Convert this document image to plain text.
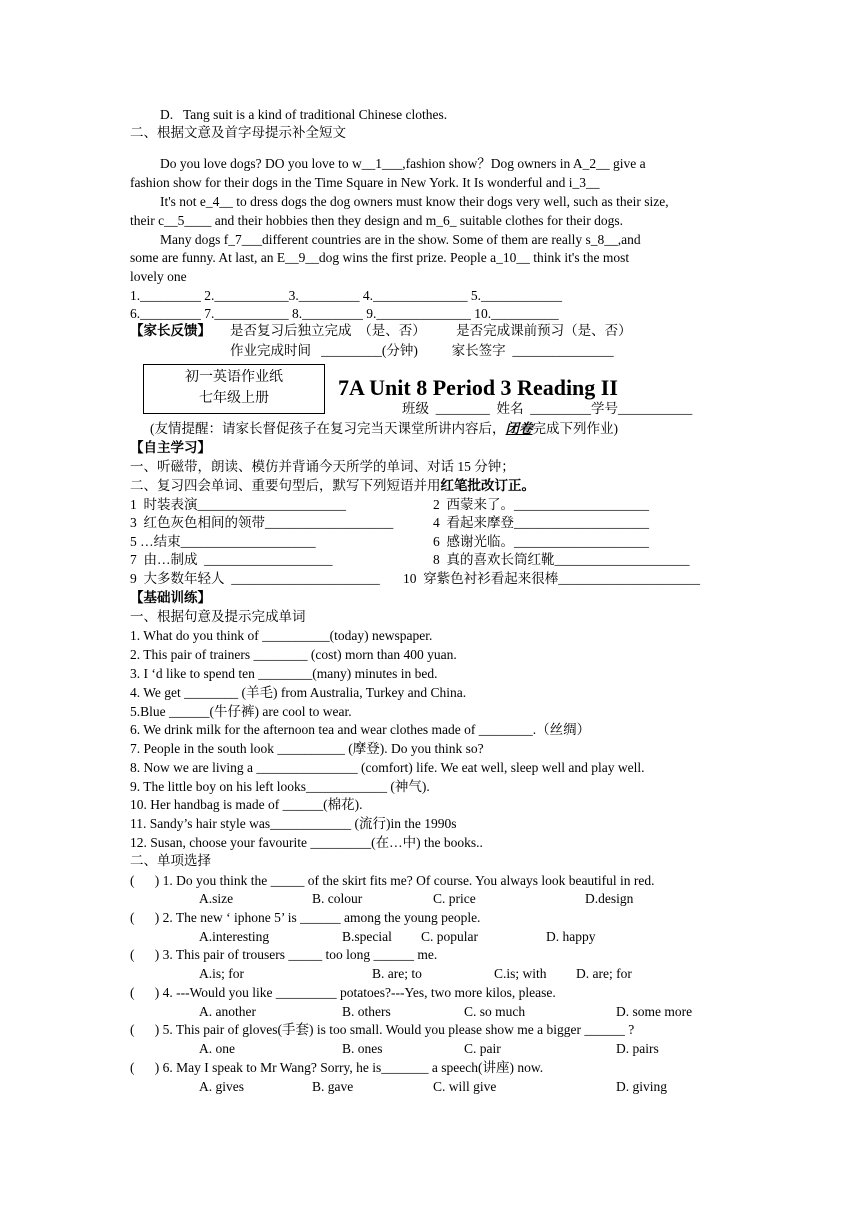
D.   Tang suit is a kind of traditional Chinese clothes.
二、根据文意及首字母提示补全短文
Do you love dogs? DO you love to w__1___,fashion show？Dog owners in A_2__ give a
fashion show for their dogs in the Time Square in New York. It Is wonderful and i_3__
It's not e_4__ to dress dogs the dog owners must know their dogs very well, such as their size,
their c__5____ and their hobbies then they design and m_6_ suitable clothes for their dogs.
Many dogs f_7___different countries are in the show. Some of them are really s_8__,and
some are funny. At last, an E__9__dog wins the first prize. People a_10__ think it's the most
lovely one
1._________ 2.___________3._________ 4.______________ 5.____________
6._________ 7.___________ 8._________ 9.______________ 10.__________
【家长反馈】 是否复习后独立完成  （是、否）         是否完成课前预习（是、否）
作业完成时间   _________(分钟)          家长签字  _______________
初一英语作业纸
七年级上册	7A Unit 8 Period 3 Reading II
班级  ________  姓名  _________学号___________
(友情提醒：请家长督促孩子在复习完当天课堂所讲内容后，闭卷完成下列作业)
【自主学习】
一、听磁带，朗读、模仿并背诵今天所学的单词、对话 15 分钟；
二、复习四会单词、重要句型后，默写下列短语并用红笔批改订正。
1  时装表演______________________	2  西蒙来了。____________________
3  红色灰色相间的领带___________________	4  看起来摩登____________________
5 …结束____________________	6  感谢光临。____________________
7  由…制成  ___________________	8  真的喜欢长筒红靴____________________
9  大多数年轻人  ______________________ 10  穿紫色衬衫看起来很棒_____________________
【基础训练】
一、根据句意及提示完成单词
1. What do you think of __________(today) newspaper.
2. This pair of trainers ________ (cost) morn than 400 yuan.
3. I ‘d like to spend ten ________(many) minutes in bed.
4. We get ________ (羊毛) from Australia, Turkey and China.
5.Blue ______(牛仔裤) are cool to wear.
6. We drink milk for the afternoon tea and wear clothes made of ________.（丝绸）
7. People in the south look __________ (摩登). Do you think so?
8. Now we are living a _______________ (comfort) life. We eat well, sleep well and play well.
9. The little boy on his left looks____________ (神气).
10. Her handbag is made of ______(棉花).
11. Sandy’s hair style was____________ (流行)in the 1990s
12. Susan, choose your favourite _________(在…中) the books..
二、单项选择
(      ) 1. Do you think the _____ of the skirt fits me? Of course. You always look beautiful in red.
A.size	B. colour	C. price	D.design
(      ) 2. The new ‘ iphone 5’ is ______ among the young people.
A.interesting	B.special C. popular	D. happy
(      ) 3. This pair of trousers _____ too long ______ me.
A.is; for	B. are; to	C.is; with D. are; for
(      ) 4. ---Would you like _________ potatoes?---Yes, two more kilos, please.
A. another	B. others	C. so much	D. some more
(      ) 5. This pair of gloves(手套) is too small. Would you please show me a bigger ______ ?
A. one	B. ones	C. pair	D. pairs
(      ) 6. May I speak to Mr Wang? Sorry, he is_______ a speech(讲座) now.
A. gives	B. gave	C. will give	D. giving
